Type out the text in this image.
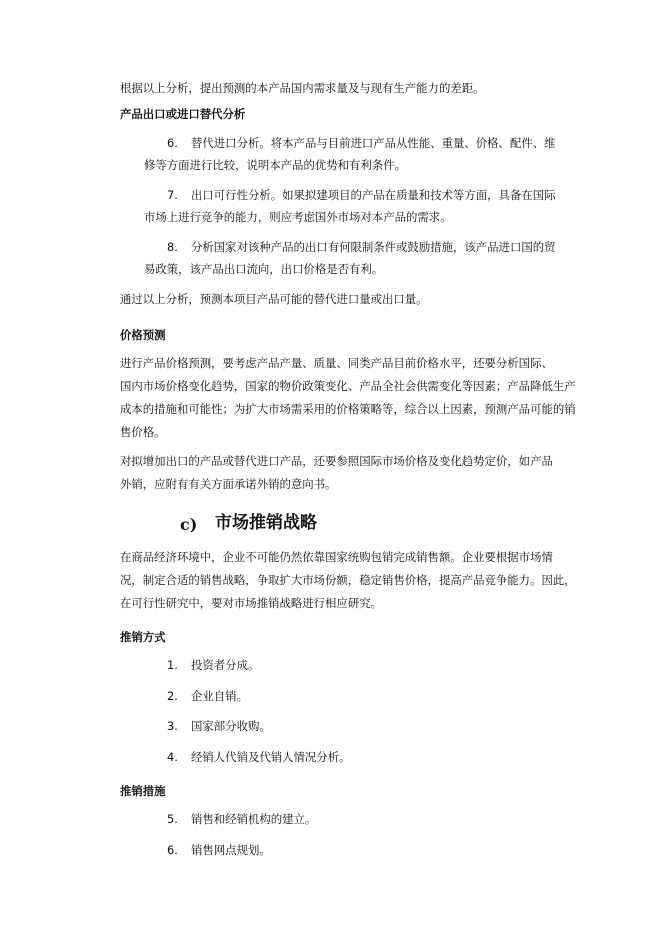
根据以上分析，提出预测的本产品国内需求量及与现有生产能力的差距。
产品出口或进口替代分析
6. 替代进口分析。将本产品与目前进口产品从性能、重量、价格、配件、维
修等方面进行比较，说明本产品的优势和有利条件。
7. 出口可行性分析。如果拟建项目的产品在质量和技术等方面，具备在国际
市场上进行竞争的能力，则应考虑国外市场对本产品的需求。
8. 分析国家对该种产品的出口有何限制条件或鼓励措施，该产品进口国的贸
易政策，该产品出口流向，出口价格是否有利。
通过以上分析，预测本项目产品可能的替代进口量或出口量。
价格预测
进行产品价格预测，要考虑产品产量、质量、同类产品目前价格水平，还要分析国际、
国内市场价格变化趋势，国家的物价政策变化、产品全社会供需变化等因素；产品降低生产
成本的措施和可能性；为扩大市场需采用的价格策略等，综合以上因素，预测产品可能的销
售价格。
对拟增加出口的产品或替代进口产品，还要参照国际市场价格及变化趋势定价，如产品
外销，应附有有关方面承诺外销的意向书。
c) 市场推销战略
在商品经济环境中，企业不可能仍然依靠国家统购包销完成销售额。企业要根据市场情
况，制定合适的销售战略，争取扩大市场份额，稳定销售价格，提高产品竞争能力。因此，
在可行性研究中，要对市场推销战略进行相应研究。
推销方式
1. 投资者分成。
2. 企业自销。
3. 国家部分收购。
4. 经销人代销及代销人情况分析。
推销措施
5. 销售和经销机构的建立。
6. 销售网点规划。
